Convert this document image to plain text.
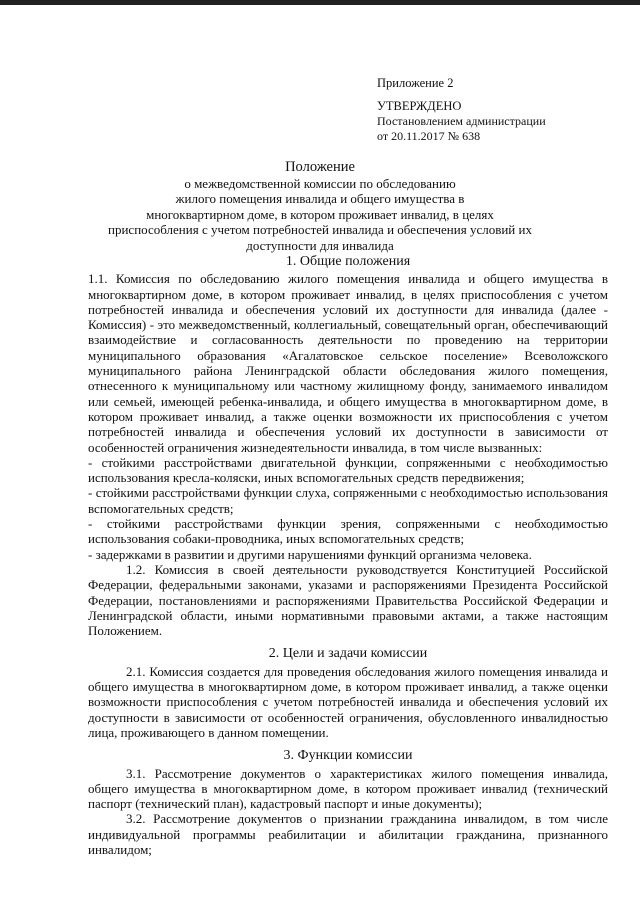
Приложение 2
УТВЕРЖДЕНО
Постановлением администрации
от 20.11.2017 № 638
Положение
о межведомственной комиссии по обследованию
жилого помещения инвалида и общего имущества в
многоквартирном доме, в котором проживает инвалид, в целях
приспособления с учетом потребностей инвалида и обеспечения условий их
доступности для инвалида
1. Общие положения

1.1. Комиссия по обследованию жилого помещения инвалида и общего имущества в многоквартирном доме, в котором проживает инвалид, в целях приспособления с учетом потребностей инвалида и обеспечения условий их доступности для инвалида (далее - Комиссия) - это межведомственный, коллегиальный, совещательный орган, обеспечивающий взаимодействие и согласованность деятельности по проведению на территории муниципального образования «Агалатовское сельское поселение» Всеволожского муниципального района Ленинградской области обследования жилого помещения, отнесенного к муниципальному или частному жилищному фонду, занимаемого инвалидом или семьей, имеющей ребенка-инвалида, и общего имущества в многоквартирном доме, в котором проживает инвалид, а также оценки возможности их приспособления с учетом потребностей инвалида и обеспечения условий их доступности в зависимости от особенностей ограничения жизнедеятельности инвалида, в том числе вызванных:

- стойкими расстройствами двигательной функции, сопряженными с необходимостью использования кресла-коляски, иных вспомогательных средств передвижения;

- стойкими расстройствами функции слуха, сопряженными с необходимостью использования вспомогательных средств;

- стойкими расстройствами функции зрения, сопряженными с необходимостью использования собаки-проводника, иных вспомогательных средств;

- задержками в развитии и другими нарушениями функций организма человека.

1.2. Комиссия в своей деятельности руководствуется Конституцией Российской Федерации, федеральными законами, указами и распоряжениями Президента Российской Федерации, постановлениями и распоряжениями Правительства Российской Федерации и Ленинградской области, иными нормативными правовыми актами, а также настоящим Положением.

2. Цели и задачи комиссии

2.1. Комиссия создается для проведения обследования жилого помещения инвалида и общего имущества в многоквартирном доме, в котором проживает инвалид, а также оценки возможности приспособления с учетом потребностей инвалида и обеспечения условий их доступности в зависимости от особенностей ограничения, обусловленного инвалидностью лица, проживающего в данном помещении.

3. Функции комиссии

3.1. Рассмотрение документов о характеристиках жилого помещения инвалида, общего имущества в многоквартирном доме, в котором проживает инвалид (технический паспорт (технический план), кадастровый паспорт и иные документы);

3.2. Рассмотрение документов о признании гражданина инвалидом, в том числе индивидуальной программы реабилитации и абилитации гражданина, признанного инвалидом;
